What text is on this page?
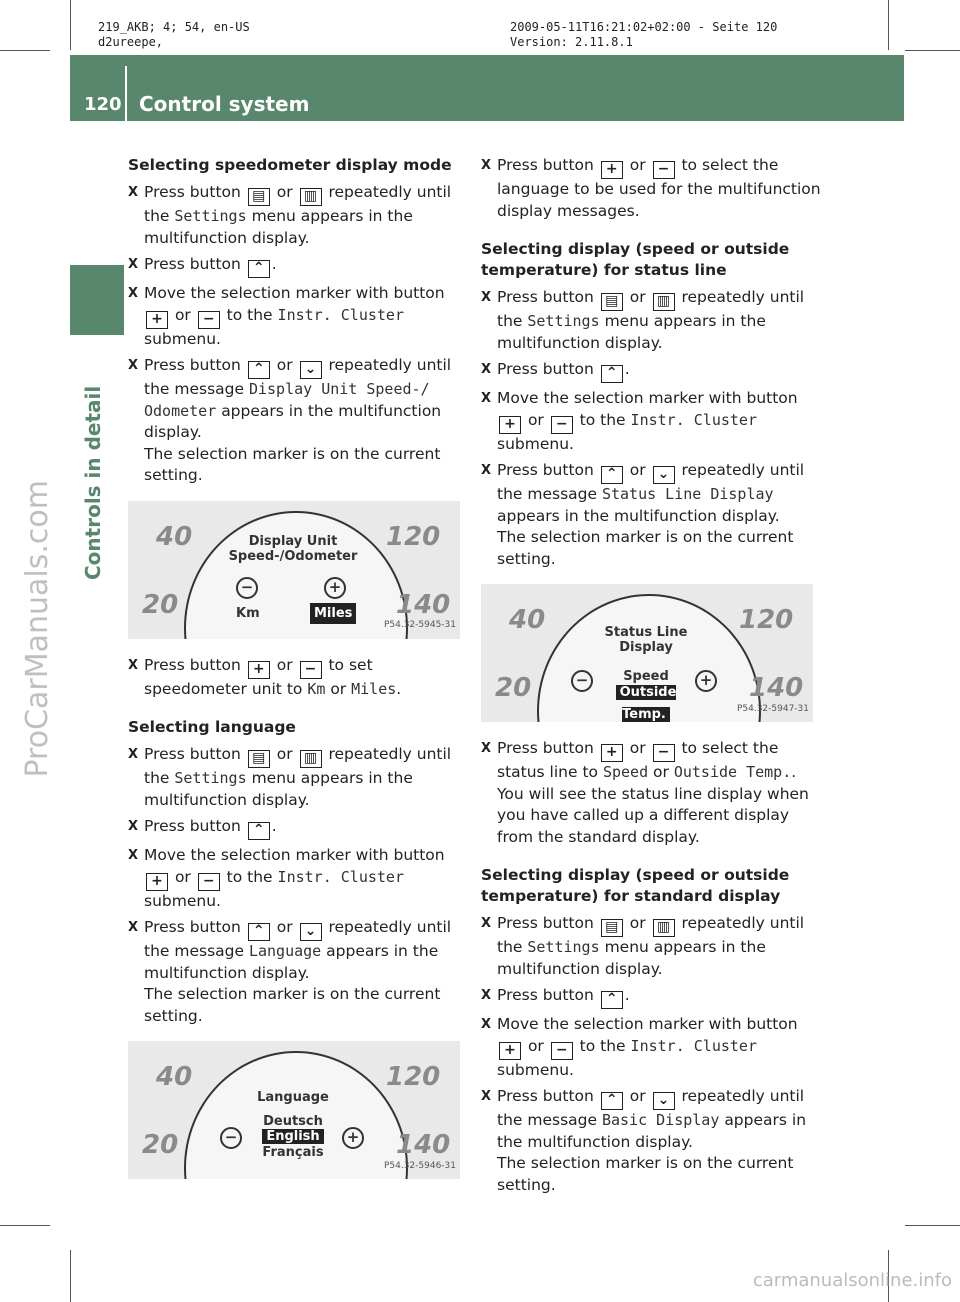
219_AKB; 4; 54, en-US
d2ureepe,
2009-05-11T16:21:02+02:00 - Seite 120
Version: 2.11.8.1
120 Control system
Controls in detail
ProCarManuals.com
carmanualsonline.info
Selecting speedometer display mode
X Press button ▤ or ▥ repeatedly until the Settings menu appears in the multifunction display.
X Press button ⌃ .
X Move the selection marker with button + or − to the Instr. Cluster submenu.
X Press button ⌃ or ⌄ repeatedly until the message Display Unit Speed-/ Odometer appears in the multifunction display.
The selection marker is on the current setting.
40	120
20	140
Display Unit
Speed-/Odometer
−	+
Km	Miles
P54.32-5945-31
X Press button + or − to set speedometer unit to Km or Miles.
Selecting language
X Press button ▤ or ▥ repeatedly until the Settings menu appears in the multifunction display.
X Press button ⌃ .
X Move the selection marker with button + or − to the Instr. Cluster submenu.
X Press button ⌃ or ⌄ repeatedly until the message Language appears in the multifunction display.
The selection marker is on the current setting.
40	120
20	140
Language
−	+
Deutsch
English
Français
P54.32-5946-31
X Press button + or − to select the language to be used for the multifunction display messages.
Selecting display (speed or outside temperature) for status line
X Press button ▤ or ▥ repeatedly until the Settings menu appears in the multifunction display.
X Press button ⌃ .
X Move the selection marker with button + or − to the Instr. Cluster submenu.
X Press button ⌃ or ⌄ repeatedly until the message Status Line Display appears in the multifunction display.
The selection marker is on the current setting.
40	120
20	140
Status Line
Display
−	+
Speed
Outside Temp.	P54.32-5947-31
X Press button + or − to select the status line to Speed or Outside Temp..
You will see the status line display when you have called up a different display from the standard display.
Selecting display (speed or outside temperature) for standard display
X Press button ▤ or ▥ repeatedly until the Settings menu appears in the multifunction display.
X Press button ⌃ .
X Move the selection marker with button + or − to the Instr. Cluster submenu.
X Press button ⌃ or ⌄ repeatedly until the message Basic Display appears in the multifunction display.
The selection marker is on the current setting.
